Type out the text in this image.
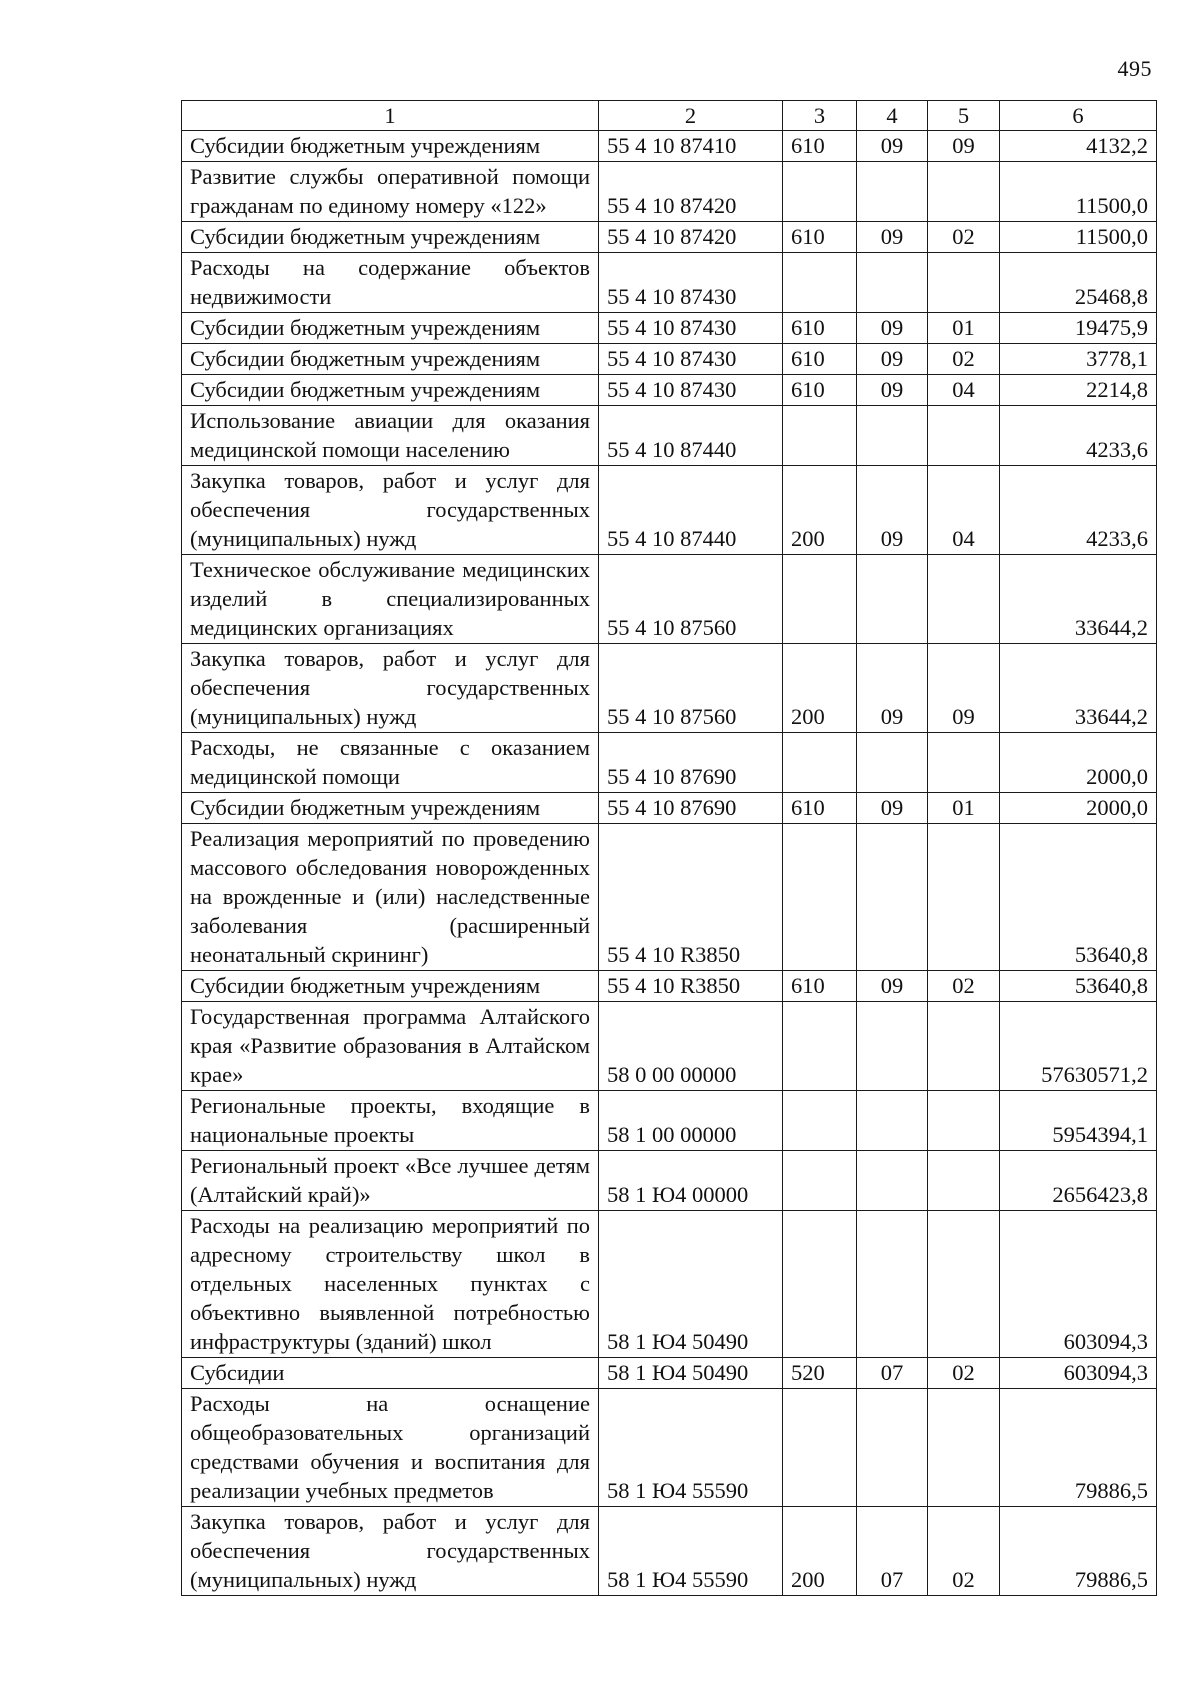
495
1	2	3	4	5	6
Субсидии бюджетным учреждениям	55 4 10 87410	610	09	09	4132,2
Развитие службы оперативной помощи гражданам по единому номеру «122»	55 4 10 87420				11500,0
Субсидии бюджетным учреждениям	55 4 10 87420	610	09	02	11500,0
Расходы на содержание объектов недвижимости	55 4 10 87430				25468,8
Субсидии бюджетным учреждениям	55 4 10 87430	610	09	01	19475,9
Субсидии бюджетным учреждениям	55 4 10 87430	610	09	02	3778,1
Субсидии бюджетным учреждениям	55 4 10 87430	610	09	04	2214,8
Использование авиации для оказания медицинской помощи населению	55 4 10 87440				4233,6
Закупка товаров, работ и услуг для обеспечения государственных (муниципальных) нужд	55 4 10 87440	200	09	04	4233,6
Техническое обслуживание медицинских изделий в специализированных медицинских организациях	55 4 10 87560				33644,2
Закупка товаров, работ и услуг для обеспечения государственных (муниципальных) нужд	55 4 10 87560	200	09	09	33644,2
Расходы, не связанные с оказанием медицинской помощи	55 4 10 87690				2000,0
Субсидии бюджетным учреждениям	55 4 10 87690	610	09	01	2000,0
Реализация мероприятий по проведению массового обследования новорожденных на врожденные и (или) наследственные заболевания (расширенный неонатальный скрининг)	55 4 10 R3850				53640,8
Субсидии бюджетным учреждениям	55 4 10 R3850	610	09	02	53640,8
Государственная программа Алтайского края «Развитие образования в Алтайском крае»	58 0 00 00000				57630571,2
Региональные проекты, входящие в национальные проекты	58 1 00 00000				5954394,1
Региональный проект «Все лучшее детям (Алтайский край)»	58 1 Ю4 00000				2656423,8
Расходы на реализацию мероприятий по адресному строительству школ в отдельных населенных пунктах с объективно выявленной потребностью инфраструктуры (зданий) школ	58 1 Ю4 50490				603094,3
Субсидии	58 1 Ю4 50490	520	07	02	603094,3
Расходы на оснащение общеобразовательных организаций средствами обучения и воспитания для реализации учебных предметов	58 1 Ю4 55590				79886,5
Закупка товаров, работ и услуг для обеспечения государственных (муниципальных) нужд	58 1 Ю4 55590	200	07	02	79886,5
